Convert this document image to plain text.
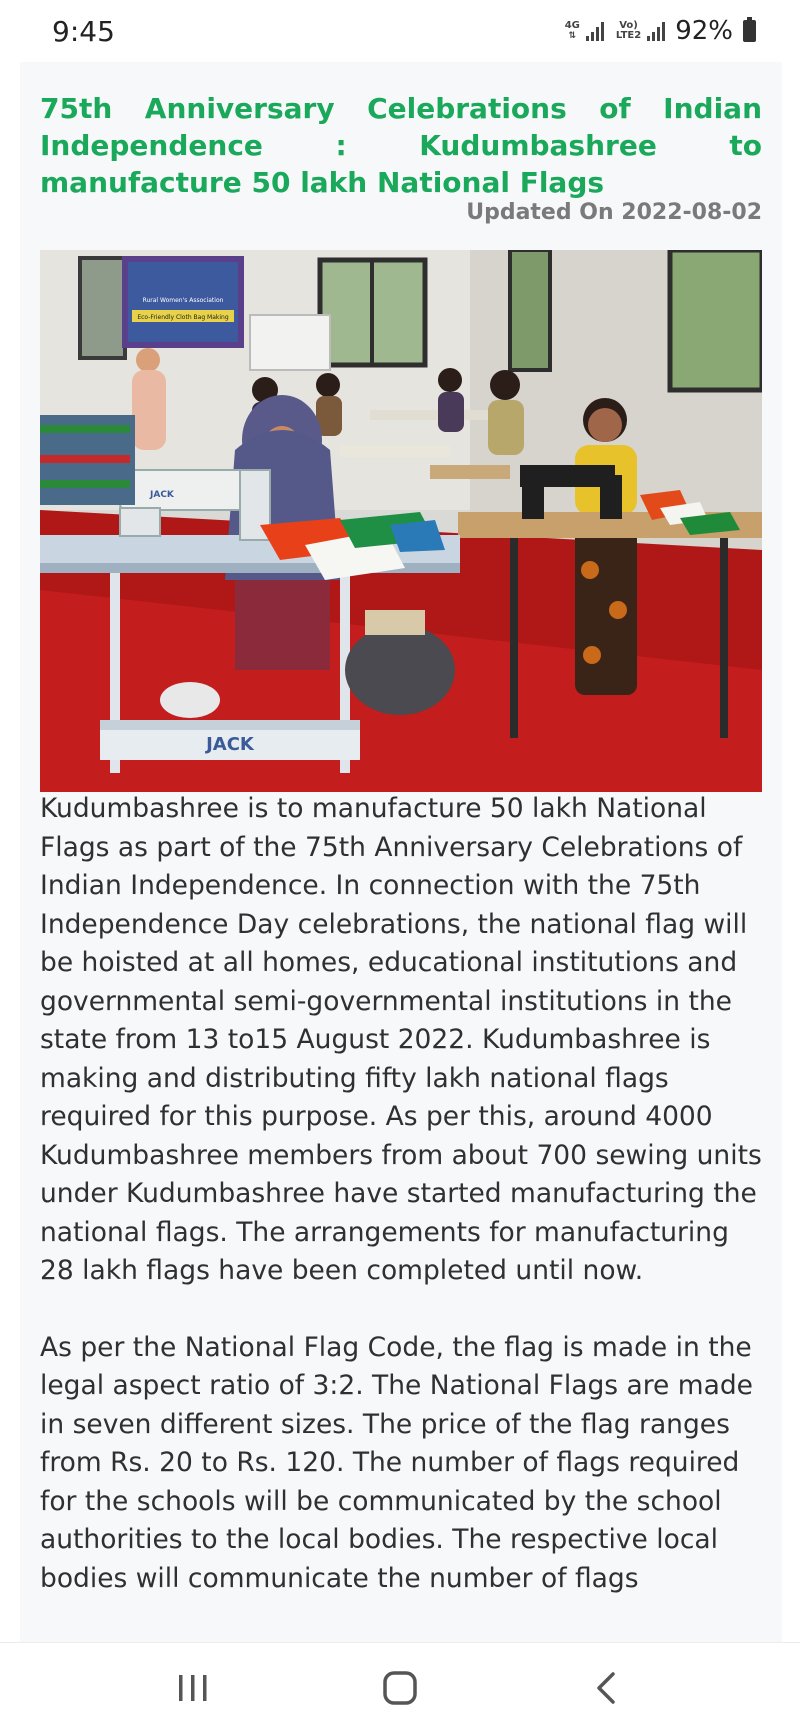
9:45	4G
⇅
Vo)
LTE2 92%
75th Anniversary Celebrations of Indian Independence : Kudumbashree to manufacture 50 lakh National Flags
Updated On 2022-08-02
Rural Women's Association
Eco-Friendly Cloth Bag Making
JACK
JACK

Kudumbashree is to manufacture 50 lakh National Flags as part of the 75th Anniversary Celebrations of Indian Independence. In connection with the 75th Independence Day celebrations, the national flag will be hoisted at all homes, educational institutions and governmental semi-governmental institutions in the state from 13 to15 August 2022. Kudumbashree is making and distributing fifty lakh national flags required for this purpose. As per this, around 4000 Kudumbashree members from about 700 sewing units under Kudumbashree have started manufacturing the national flags. The arrangements for manufacturing 28 lakh flags have been completed until now.

As per the National Flag Code, the flag is made in the legal aspect ratio of 3:2. The National Flags are made in seven different sizes. The price of the flag ranges from Rs. 20 to Rs. 120. The number of flags required for the schools will be communicated by the school authorities to the local bodies. The respective local bodies will communicate the number of flags
